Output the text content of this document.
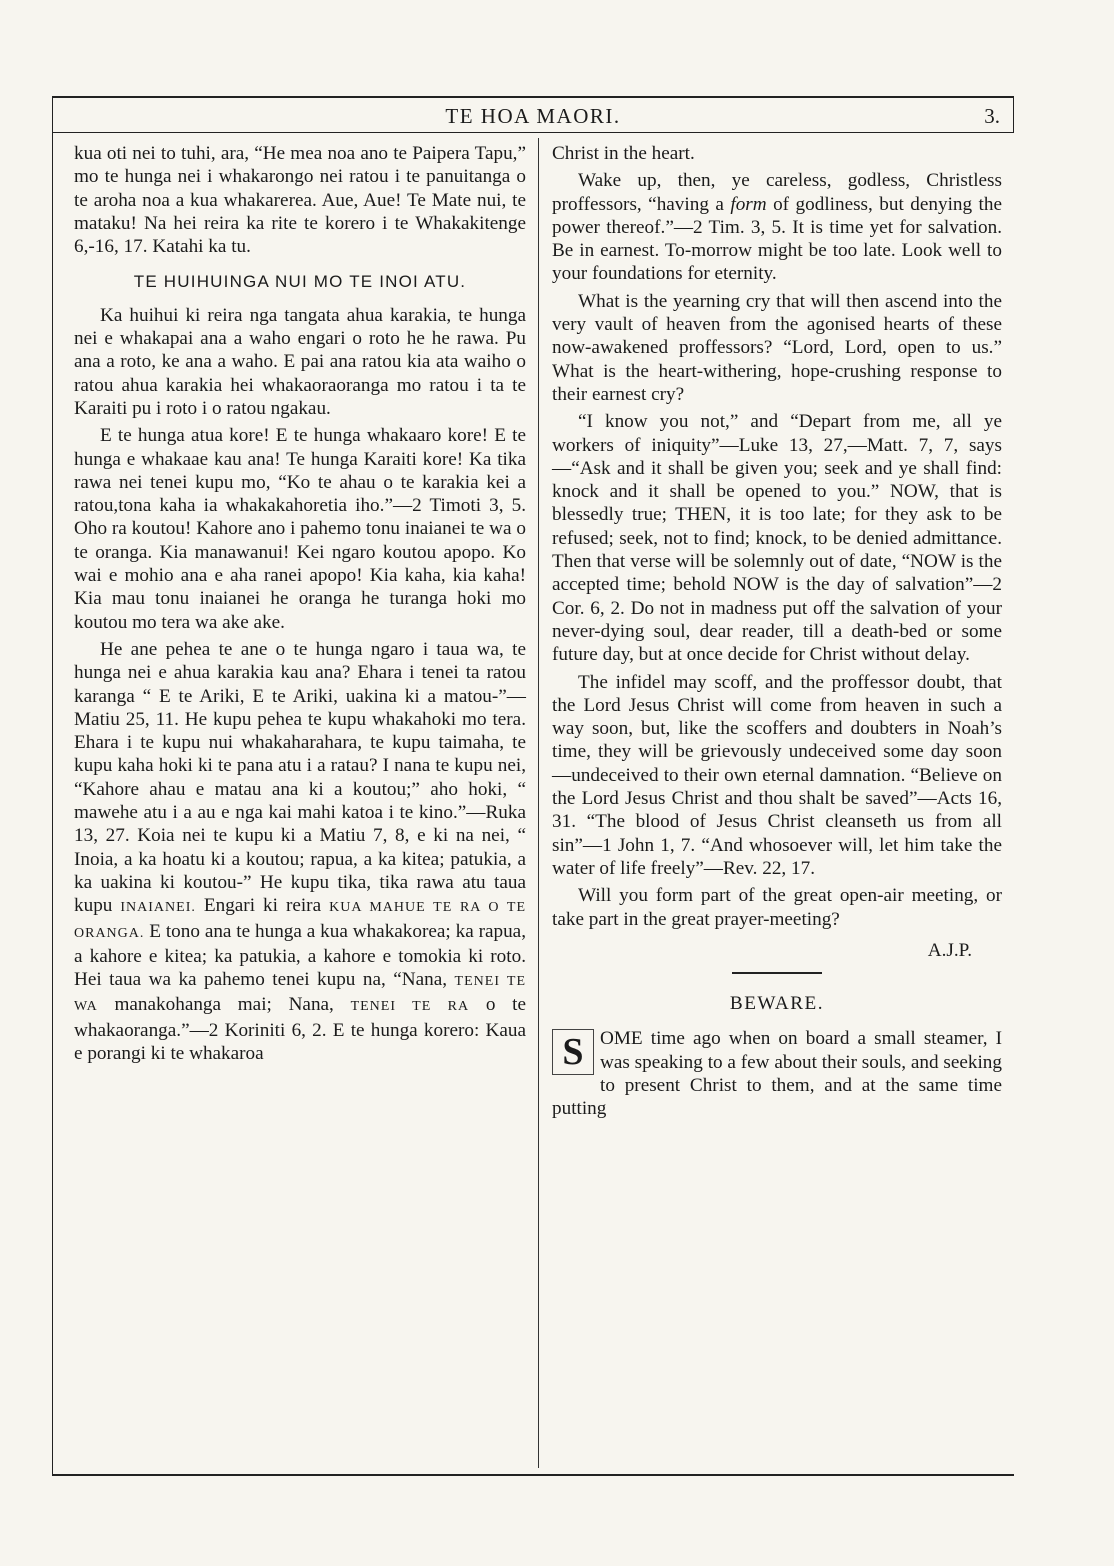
TE HOA MAORI.	3.

kua oti nei to tuhi, ara, “He mea noa ano te Paipera Tapu,” mo te hunga nei i whakarongo nei ratou i te panuitanga o te aroha noa a kua whakarerea. Aue, Aue! Te Mate nui, te mataku! Na hei reira ka rite te korero i te Whakakitenge 6,-16, 17. Katahi ka tu.

TE HUIHUINGA NUI MO TE INOI ATU.

Ka huihui ki reira nga tangata ahua karakia, te hunga nei e whakapai ana a waho engari o roto he he rawa. Pu ana a roto, ke ana a waho. E pai ana ratou kia ata waiho o ratou ahua karakia hei whakaoraoranga mo ratou i ta te Karaiti pu i roto i o ratou ngakau.

E te hunga atua kore! E te hunga whakaaro kore! E te hunga e whakaae kau ana! Te hunga Karaiti kore! Ka tika rawa nei tenei kupu mo, “Ko te ahau o te karakia kei a ratou,tona kaha ia whakakahoretia iho.”—2 Timoti 3, 5. Oho ra koutou! Kahore ano i pahemo tonu inaianei te wa o te oranga. Kia manawanui! Kei ngaro koutou apopo. Ko wai e mohio ana e aha ranei apopo! Kia kaha, kia kaha! Kia mau tonu inaianei he oranga he turanga hoki mo koutou mo tera wa ake ake.

He ane pehea te ane o te hunga ngaro i taua wa, te hunga nei e ahua karakia kau ana? Ehara i tenei ta ratou karanga “ E te Ariki, E te Ariki, uakina ki a matou-”—Matiu 25, 11. He kupu pehea te kupu whakahoki mo tera. Ehara i te kupu nui whakaharahara, te kupu taimaha, te kupu kaha hoki ki te pana atu i a ratau? I nana te kupu nei, “Kahore ahau e matau ana ki a koutou;” aho hoki, “ mawehe atu i a au e nga kai mahi katoa i te kino.”—Ruka 13, 27. Koia nei te kupu ki a Matiu 7, 8, e ki na nei, “ Inoia, a ka hoatu ki a koutou; rapua, a ka kitea; patukia, a ka uakina ki koutou-” He kupu tika, tika rawa atu taua kupu INAIANEI. Engari ki reira KUA MAHUE TE RA O TE ORANGA. E tono ana te hunga a kua whakakorea; ka rapua, a kahore e kitea; ka patukia, a kahore e tomokia ki roto. Hei taua wa ka pahemo tenei kupu na, “Nana, TENEI TE WA manakohanga mai; Nana, TENEI TE RA o te whakaoranga.”—2 Koriniti 6, 2. E te hunga korero: Kaua e porangi ki te whakaroa

Christ in the heart.

Wake up, then, ye careless, godless, Christless proffessors, “having a form of godliness, but denying the power thereof.”—2 Tim. 3, 5. It is time yet for salvation. Be in earnest. To-morrow might be too late. Look well to your foundations for eternity.

What is the yearning cry that will then ascend into the very vault of heaven from the agonised hearts of these now-awakened proffessors? “Lord, Lord, open to us.” What is the heart-withering, hope-crushing response to their earnest cry?

“I know you not,” and “Depart from me, all ye workers of iniquity”—Luke 13, 27,—Matt. 7, 7, says—“Ask and it shall be given you; seek and ye shall find: knock and it shall be opened to you.” NOW, that is blessedly true; THEN, it is too late; for they ask to be refused; seek, not to find; knock, to be denied admittance. Then that verse will be solemnly out of date, “NOW is the accepted time; behold NOW is the day of salvation”—2 Cor. 6, 2. Do not in madness put off the salvation of your never-dying soul, dear reader, till a death-bed or some future day, but at once decide for Christ without delay.

The infidel may scoff, and the proffessor doubt, that the Lord Jesus Christ will come from heaven in such a way soon, but, like the scoffers and doubters in Noah’s time, they will be grievously undeceived some day soon—undeceived to their own eternal damnation. “Believe on the Lord Jesus Christ and thou shalt be saved”—Acts 16, 31. “The blood of Jesus Christ cleanseth us from all sin”—1 John 1, 7. “And whosoever will, let him take the water of life freely”—Rev. 22, 17.

Will you form part of the great open-air meeting, or take part in the great prayer-meeting?

A.J.P.
BEWARE.

S OME time ago when on board a small steamer, I was speaking to a few about their souls, and seeking to present Christ to them, and at the same time putting
